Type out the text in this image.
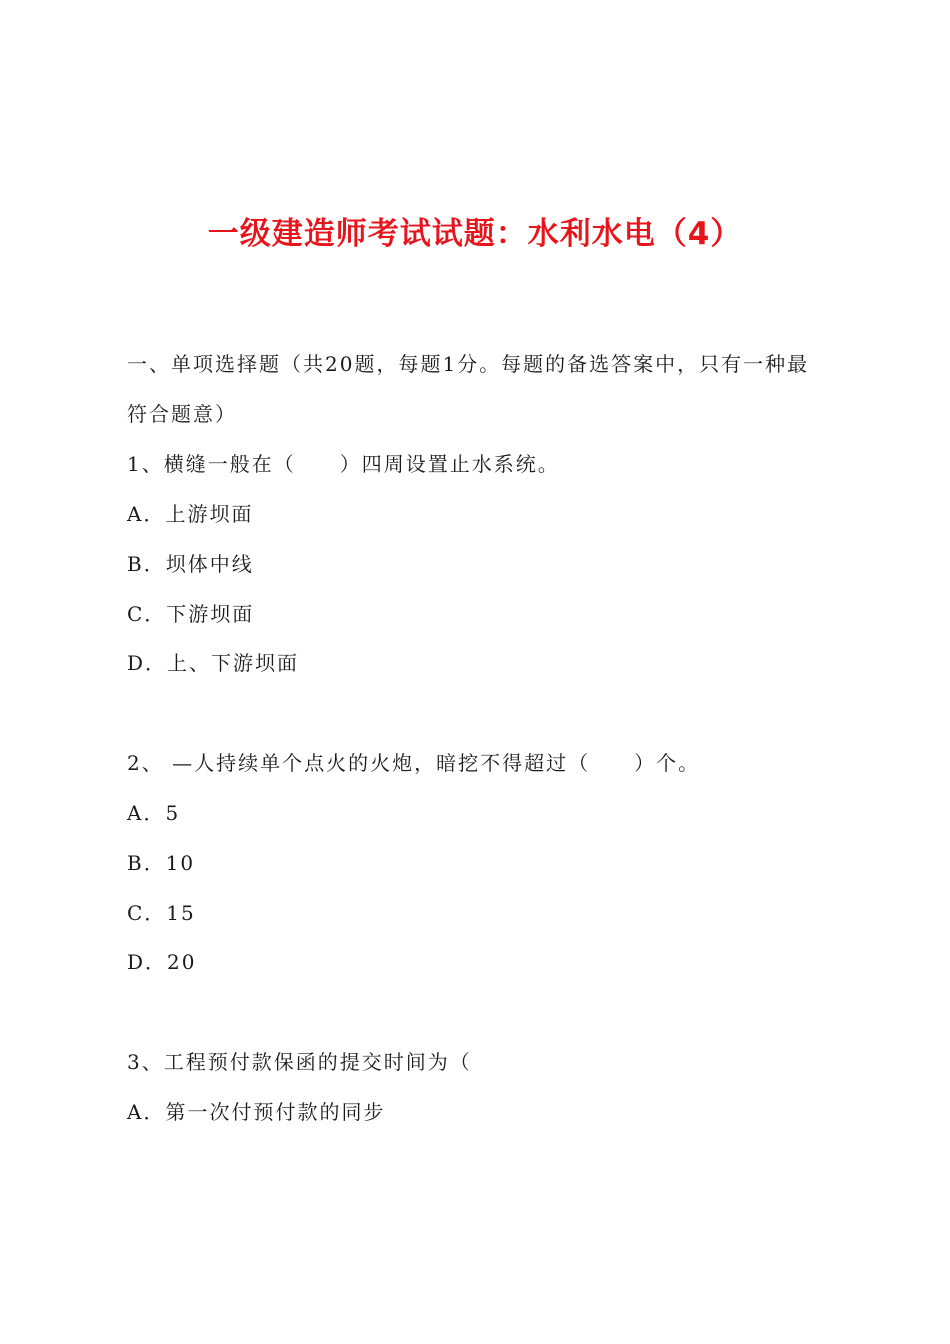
一级建造师考试试题：水利水电（4）

一、单项选择题（共20题，每题1分。每题的备选答案中，只有一种最

符合题意）

1、横缝一般在（　　）四周设置止水系统。

A．上游坝面

B．坝体中线

C．下游坝面

D．上、下游坝面

2、 —人持续单个点火的火炮，暗挖不得超过（　　）个。

A．5

B．10

C．15

D．20

3、工程预付款保函的提交时间为（

A．第一次付预付款的同步
